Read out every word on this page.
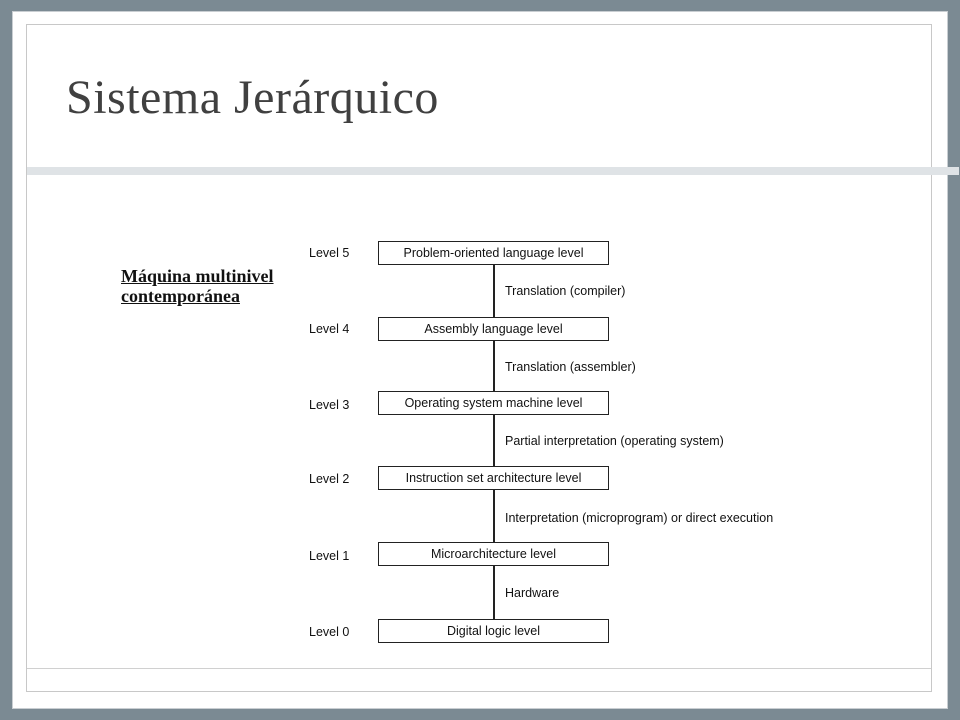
Sistema Jerárquico
Máquina multinivel
contemporánea
Level 5	Problem-oriented language level
Translation (compiler)
Level 4	Assembly language level
Translation (assembler)
Level 3	Operating system machine level
Partial interpretation (operating system)
Level 2	Instruction set architecture level
Interpretation (microprogram) or direct execution
Level 1	Microarchitecture level
Hardware
Level 0	Digital logic level
